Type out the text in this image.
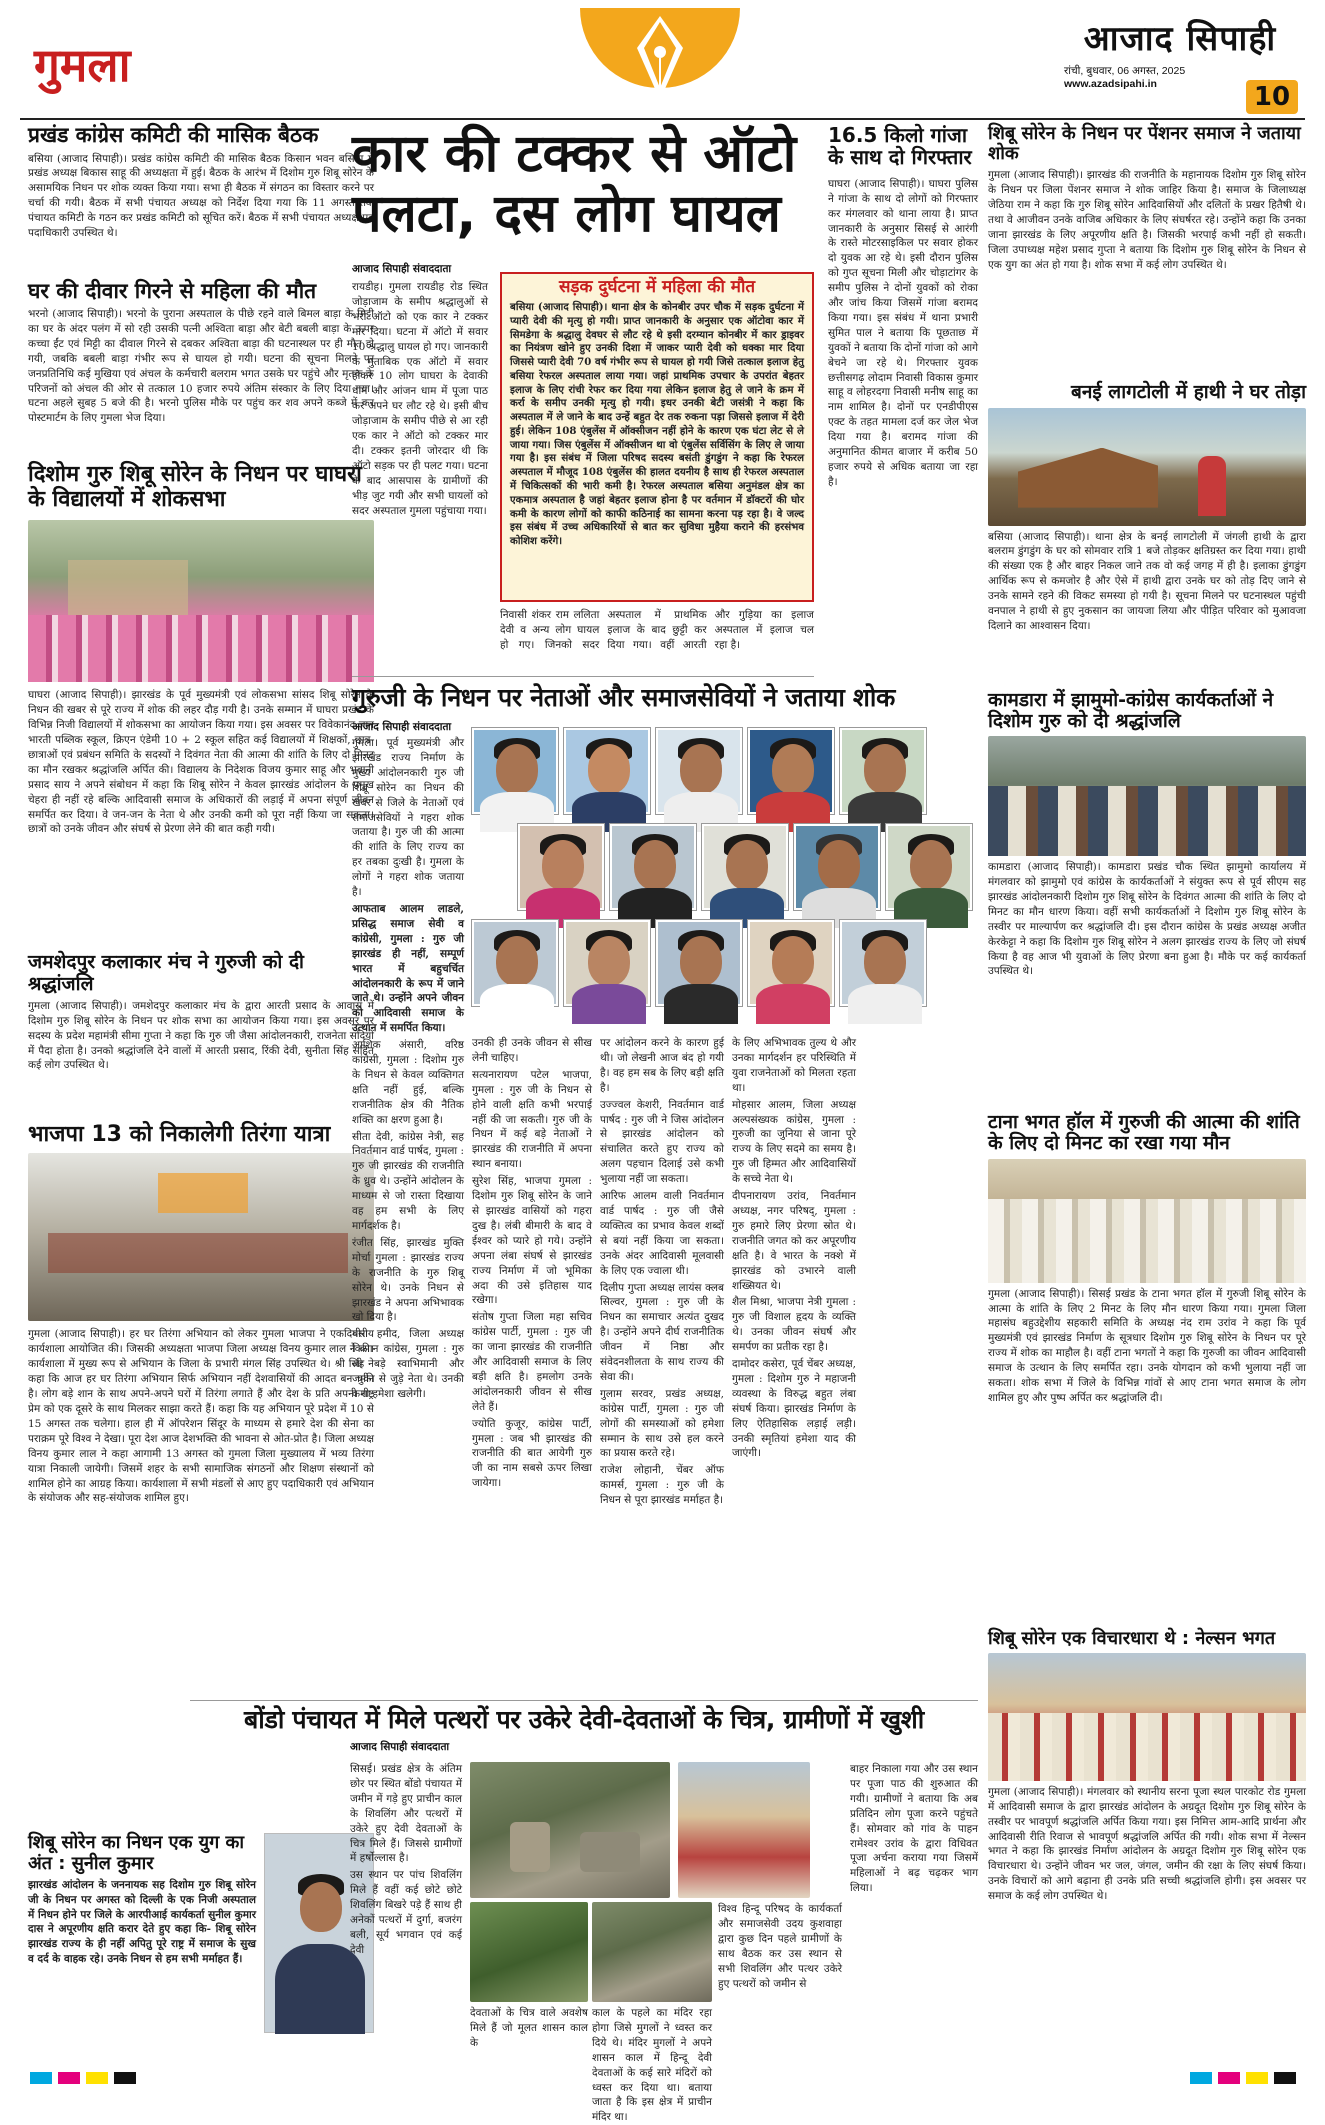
गुमला	आजाद सिपाही
रांची, बुधवार, 06 अगस्त, 2025
www.azadsipahi.in	10
प्रखंड कांग्रेस कमिटी की मासिक बैठक
बसिया (आजाद सिपाही)। प्रखंड कांग्रेस कमिटी की मासिक बैठक किसान भवन बसिया में प्रखंड अध्यक्ष बिकास साहू की अध्यक्षता में हुई। बैठक के आरंभ में दिशोम गुरु शिबू सोरेन के असामयिक निधन पर शोक व्यक्त किया गया। सभा ही बैठक में संगठन का विस्तार करने पर चर्चा की गयी। बैठक में सभी पंचायत अध्यक्ष को निर्देश दिया गया कि 11 अगस्त तक पंचायत कमिटी के गठन कर प्रखंड कमिटी को सूचित करें। बैठक में सभी पंचायत अध्यक्ष एवं पदाधिकारी उपस्थित थे।
घर की दीवार गिरने से महिला की मौत
भरनो (आजाद सिपाही)। भरनो के पुराना अस्पताल के पीछे रहने वाले बिमल बाड़ा के मिट्टी का घर के अंदर पलंग में सो रही उसकी पत्नी अश्विता बाड़ा और बेटी बबली बाड़ा के ऊपर कच्चा ईंट एवं मिट्टी का दीवाल गिरने से दबकर अश्विता बाड़ा की घटनास्थल पर ही मौत हो गयी, जबकि बबली बाड़ा गंभीर रूप से घायल हो गयी। घटना की सूचना मिलने पर जनप्रतिनिधि कई मुखिया एवं अंचल के कर्मचारी बलराम भगत उसके घर पहुंचे और मृतक के परिजनों को अंचल की ओर से तत्काल 10 हजार रुपये अंतिम संस्कार के लिए दिया गया। घटना अहले सुबह 5 बजे की है। भरनो पुलिस मौके पर पहुंच कर शव अपने कब्जे में कर पोस्टमार्टम के लिए गुमला भेज दिया।
दिशोम गुरु शिबू सोरेन के निधन पर घाघरा के विद्यालयों में शोकसभा
घाघरा (आजाद सिपाही)। झारखंड के पूर्व मुख्यमंत्री एवं लोकसभा सांसद शिबू सोरेन के निधन की खबर से पूरे राज्य में शोक की लहर दौड़ गयी है। उनके सम्मान में घाघरा प्रखंड के विभिन्न निजी विद्यालयों में शोकसभा का आयोजन किया गया। इस अवसर पर विवेकानंद ज्ञान भारती पब्लिक स्कूल, क्रिएन एंडेमी 10 + 2 स्कूल सहित कई विद्यालयों में शिक्षकों, छात्र-छात्राओं एवं प्रबंधन समिति के सदस्यों ने दिवंगत नेता की आत्मा की शांति के लिए दो मिनट का मौन रखकर श्रद्धांजलि अर्पित की। विद्यालय के निदेशक विजय कुमार साहू और भवानी प्रसाद साय ने अपने संबोधन में कहा कि शिबू सोरेन ने केवल झारखंड आंदोलन के प्रमुख चेहरा ही नहीं रहे बल्कि आदिवासी समाज के अधिकारों की लड़ाई में अपना संपूर्ण जीवन समर्पित कर दिया। वे जन-जन के नेता थे और उनकी कमी को पूरा नहीं किया जा सकता। छात्रों को उनके जीवन और संघर्ष से प्रेरणा लेने की बात कही गयी।
जमशेदपुर कलाकार मंच ने गुरुजी को दी श्रद्धांजलि
गुमला (आजाद सिपाही)। जमशेदपुर कलाकार मंच के द्वारा आरती प्रसाद के आवास में दिशोम गुरु शिबू सोरेन के निधन पर शोक सभा का आयोजन किया गया। इस अवसर पर सदस्य के प्रदेश महामंत्री सीमा गुप्ता ने कहा कि गुरु जी जैसा आंदोलनकारी, राजनेता सदियों में पैदा होता है। उनको श्रद्धांजलि देने वालों में आरती प्रसाद, रिंकी देवी, सुनीता सिंह सहित कई लोग उपस्थित थे।
भाजपा 13 को निकालेगी तिरंगा यात्रा
गुमला (आजाद सिपाही)। हर घर तिरंगा अभियान को लेकर गुमला भाजपा ने एकदिवसीय कार्यशाला आयोजित की। जिसकी अध्यक्षता भाजपा जिला अध्यक्ष विनय कुमार लाल ने की। कार्यशाला में मुख्य रूप से अभियान के जिला के प्रभारी मंगल सिंह उपस्थित थे। श्री सिंह ने कहा कि आज हर घर तिरंगा अभियान सिर्फ अभियान नहीं देशवासियों की आदत बन चुकी है। लोग बड़े शान के साथ अपने-अपने घरों में तिरंगा लगाते हैं और देश के प्रति अपनी राष्ट्र प्रेम को एक दूसरे के साथ मिलकर साझा करते हैं। कहा कि यह अभियान पूरे प्रदेश में 10 से 15 अगस्त तक चलेगा। हाल ही में ऑपरेशन सिंदूर के माध्यम से हमारे देश की सेना का पराक्रम पूरे विश्व ने देखा। पूरा देश आज देशभक्ति की भावना से ओत-प्रोत है। जिला अध्यक्ष विनय कुमार लाल ने कहा आगामी 13 अगस्त को गुमला जिला मुख्यालय में भव्य तिरंगा यात्रा निकाली जायेगी। जिसमें शहर के सभी सामाजिक संगठनों और शिक्षण संस्थानों को शामिल होने का आग्रह किया। कार्यशाला में सभी मंडलों से आए हुए पदाधिकारी एवं अभियान के संयोजक और सह-संयोजक शामिल हुए।
शिबू सोरेन का निधन एक युग का अंत : सुनील कुमार
झारखंड आंदोलन के जननायक सह दिशोम गुरु शिबू सोरेन जी के निधन पर अगस्त को दिल्ली के एक निजी अस्पताल में निधन होने पर जिले के आरपीआई कार्यकर्ता सुनील कुमार दास ने अपूरणीय क्षति करार देते हुए कहा कि- शिबू सोरेन झारखंड राज्य के ही नहीं अपितु पूरे राष्ट्र में समाज के सुख व दर्द के वाहक रहे। उनके निधन से हम सभी मर्माहत हैं।
कार की टक्कर से ऑटो
पलटा, दस लोग घायल
आजाद सिपाही संवाददाता
रायडीह। गुमला रायडीह रोड स्थित जोड़ाजाम के समीप श्रद्धालुओं से भरी ऑटो को एक कार ने टक्कर मार दिया। घटना में ऑटो में सवार 10 श्रद्धालु घायल हो गए। जानकारी के मुताबिक एक ऑटो में सवार होकर 10 लोग घाघरा के देवाकी धाम और आंजन धाम में पूजा पाठ कर अपने घर लौट रहे थे। इसी बीच जोड़ाजाम के समीप पीछे से आ रही एक कार ने ऑटो को टक्कर मार दी। टक्कर इतनी जोरदार थी कि ऑटो सड़क पर ही पलट गया। घटना के बाद आसपास के ग्रामीणों की भीड़ जुट गयी और सभी घायलों को सदर अस्पताल गुमला पहुंचाया गया।
सड़क दुर्घटना में महिला की मौत
बसिया (आजाद सिपाही)। थाना क्षेत्र के कोनबीर उपर चौक में सड़क दुर्घटना में प्यारी देवी की मृत्यु हो गयी। प्राप्त जानकारी के अनुसार एक ऑटोवा कार में सिमडेगा के श्रद्धालु देवघर से लौट रहे थे इसी दरम्यान कोनबीर में कार ड्राइवर का नियंत्रण खोने हुए उनकी दिशा में जाकर प्यारी देवी को धक्का मार दिया जिससे प्यारी देवी 70 वर्ष गंभीर रूप से घायल हो गयी जिसे तत्काल इलाज हेतु बसिया रेफरल अस्पताल लाया गया। जहां प्राथमिक उपचार के उपरांत बेहतर इलाज के लिए रांची रेफर कर दिया गया लेकिन इलाज हेतु ले जाने के क्रम में कर्रा के समीप उनकी मृत्यु हो गयी। इधर उनकी बेटी जसंत्री ने कहा कि अस्पताल में ले जाने के बाद उन्हें बहुत देर तक रुकना पड़ा जिससे इलाज में देरी हुई। लेकिन 108 एंबुलेंस में ऑक्सीजन नहीं होने के कारण एक घंटा लेट से ले जाया गया। जिस एंबुलेंस में ऑक्सीजन था वो एंबुलेंस सर्विसिंग के लिए ले जाया गया है। इस संबंध में जिला परिषद सदस्य बसंती डुंगडुंग ने कहा कि रेफरल अस्पताल में मौजूद 108 एंबुलेंस की हालत दयनीय है साथ ही रेफरल अस्पताल में चिकित्सकों की भारी कमी है। रेफरल अस्पताल बसिया अनुमंडल क्षेत्र का एकमात्र अस्पताल है जहां बेहतर इलाज होना है पर वर्तमान में डॉक्टरों की घोर कमी के कारण लोगों को काफी कठिनाई का सामना करना पड़ रहा है। वे जल्द इस संबंध में उच्च अधिकारियों से बात कर सुविधा मुहैया कराने की हरसंभव कोशिश करेंगे।
निवासी शंकर राम ललिता देवी व अन्य लोग घायल हो गए। जिनको सदर अस्पताल में प्राथमिक इलाज के बाद छुट्टी कर दिया गया। वहीं आरती और गुड़िया का इलाज अस्पताल में इलाज चल रहा है।
16.5 किलो गांजा के साथ दो गिरफ्तार
घाघरा (आजाद सिपाही)। घाघरा पुलिस ने गांजा के साथ दो लोगों को गिरफ्तार कर मंगलवार को थाना लाया है। प्राप्त जानकारी के अनुसार सिसई से आरंगी के रास्ते मोटरसाइकिल पर सवार होकर दो युवक आ रहे थे। इसी दौरान पुलिस को गुप्त सूचना मिली और चोड़ाटांगर के समीप पुलिस ने दोनों युवकों को रोका और जांच किया जिसमें गांजा बरामद किया गया। इस संबंध में थाना प्रभारी सुमित पाल ने बताया कि पूछताछ में युवकों ने बताया कि दोनों गांजा को आगे बेचने जा रहे थे। गिरफ्तार युवक छत्तीसगढ़ लोदाम निवासी विकास कुमार साहू व लोहरदगा निवासी मनीष साहू का नाम शामिल है। दोनों पर एनडीपीएस एक्ट के तहत मामला दर्ज कर जेल भेज दिया गया है। बरामद गांजा की अनुमानित कीमत बाजार में करीब 50 हजार रुपये से अधिक बताया जा रहा है।
शिबू सोरेन के निधन पर पेंशनर समाज ने जताया शोक
गुमला (आजाद सिपाही)। झारखंड की राजनीति के महानायक दिशोम गुरु शिबू सोरेन के निधन पर जिला पेंशनर समाज ने शोक जाहिर किया है। समाज के जिलाध्यक्ष जेठिया राम ने कहा कि गुरु शिबू सोरेन आदिवासियों और दलितों के प्रखर हितैषी थे। तथा वे आजीवन उनके वाजिब अधिकार के लिए संघर्षरत रहे। उन्होंने कहा कि उनका जाना झारखंड के लिए अपूरणीय क्षति है। जिसकी भरपाई कभी नहीं हो सकती। जिला उपाध्यक्ष महेश प्रसाद गुप्ता ने बताया कि दिशोम गुरु शिबू सोरेन के निधन से एक युग का अंत हो गया है। शोक सभा में कई लोग उपस्थित थे।
बनई लागटोली में हाथी ने घर तोड़ा
बसिया (आजाद सिपाही)। थाना क्षेत्र के बनई लागटोली में जंगली हाथी के द्वारा बलराम डुंगडुंग के घर को सोमवार रात्रि 1 बजे तोड़कर क्षतिग्रस्त कर दिया गया। हाथी की संख्या एक है और बाहर निकल जाने तक वो कई जगह में ही है। इलाका डुंगडुंग आर्थिक रूप से कमजोर है और ऐसे में हाथी द्वारा उनके घर को तोड़ दिए जाने से उनके सामने रहने की विकट समस्या हो गयी है। सूचना मिलने पर घटनास्थल पहुंची वनपाल ने हाथी से हुए नुकसान का जायजा लिया और पीड़ित परिवार को मुआवजा दिलाने का आश्वासन दिया।
कामडारा में झामुमो-कांग्रेस कार्यकर्ताओं ने दिशोम गुरु को दी श्रद्धांजलि
कामडारा (आजाद सिपाही)। कामडारा प्रखंड चौक स्थित झामुमो कार्यालय में मंगलवार को झामुमो एवं कांग्रेस के कार्यकर्ताओं ने संयुक्त रूप से पूर्व सीएम सह झारखंड आंदोलनकारी दिशोम गुरु शिबू सोरेन के दिवंगत आत्मा की शांति के लिए दो मिनट का मौन धारण किया। वहीं सभी कार्यकर्ताओं ने दिशोम गुरु शिबू सोरेन के तस्वीर पर माल्यार्पण कर श्रद्धांजलि दी। इस दौरान कांग्रेस के प्रखंड अध्यक्ष अजीत केरकेट्टा ने कहा कि दिशोम गुरु शिबू सोरेन ने अलग झारखंड राज्य के लिए जो संघर्ष किया है वह आज भी युवाओं के लिए प्रेरणा बना हुआ है। मौके पर कई कार्यकर्ता उपस्थित थे।
टाना भगत हॉल में गुरुजी की आत्मा की शांति के लिए दो मिनट का रखा गया मौन
गुमला (आजाद सिपाही)। सिसई प्रखंड के टाना भगत हॉल में गुरुजी शिबू सोरेन के आत्मा के शांति के लिए 2 मिनट के लिए मौन धारण किया गया। गुमला जिला महासंघ बहुउद्देशीय सहकारी समिति के अध्यक्ष नंद राम उरांव ने कहा कि पूर्व मुख्यमंत्री एवं झारखंड निर्माण के सूत्रधार दिशोम गुरु शिबू सोरेन के निधन पर पूरे राज्य में शोक का माहौल है। वहीं टाना भगतों ने कहा कि गुरुजी का जीवन आदिवासी समाज के उत्थान के लिए समर्पित रहा। उनके योगदान को कभी भुलाया नहीं जा सकता। शोक सभा में जिले के विभिन्न गांवों से आए टाना भगत समाज के लोग शामिल हुए और पुष्प अर्पित कर श्रद्धांजलि दी।
शिबू सोरेन एक विचारधारा थे : नेल्सन भगत
गुमला (आजाद सिपाही)। मंगलवार को स्थानीय सरना पूजा स्थल पारकोट रोड गुमला में आदिवासी समाज के द्वारा झारखंड आंदोलन के अग्रदूत दिशोम गुरु शिबू सोरेन के तस्वीर पर भावपूर्ण श्रद्धांजलि अर्पित किया गया। इस निमित्त आम-आदि प्रार्थना और आदिवासी रीति रिवाज से भावपूर्ण श्रद्धांजलि अर्पित की गयी। शोक सभा में नेल्सन भगत ने कहा कि झारखंड निर्माण आंदोलन के अग्रदूत दिशोम गुरु शिबू सोरेन एक विचारधारा थे। उन्होंने जीवन भर जल, जंगल, जमीन की रक्षा के लिए संघर्ष किया। उनके विचारों को आगे बढ़ाना ही उनके प्रति सच्ची श्रद्धांजलि होगी। इस अवसर पर समाज के कई लोग उपस्थित थे।
गुरुजी के निधन पर नेताओं और समाजसेवियों ने जताया शोक
आजाद सिपाही संवाददाता

गुमला। पूर्व मुख्यमंत्री और झारखंड राज्य निर्माण के मुख्य आंदोलनकारी गुरु जी शिबू सोरेन का निधन की खबर से जिले के नेताओं एवं समाजसेवियों ने गहरा शोक जताया है। गुरु जी की आत्मा की शांति के लिए राज्य का हर तबका दुःखी है। गुमला के लोगों ने गहरा शोक जताया है।

आफताब आलम लाडले, प्रसिद्ध समाज सेवी व कांग्रेसी, गुमला : गुरु जी झारखंड ही नहीं, सम्पूर्ण भारत में बहुचर्चित आंदोलनकारी के रूप में जाने जाते थे। उन्होंने अपने जीवन को आदिवासी समाज के उत्थान में समर्पित किया।

आशिक अंसारी, वरिष्ठ कांग्रेसी, गुमला : दिशोम गुरु के निधन से केवल व्यक्तिगत क्षति नहीं हुई, बल्कि राजनीतिक क्षेत्र की नैतिक शक्ति का क्षरण हुआ है।

सीता देवी, कांग्रेस नेत्री, सह निवर्तमान वार्ड पार्षद, गुमला : गुरु जी झारखंड की राजनीति के ध्रुव थे। उन्होंने आंदोलन के माध्यम से जो रास्ता दिखाया वह हम सभी के लिए मार्गदर्शक है।

रंजीत सिंह, झारखंड मुक्ति मोर्चा गुमला : झारखंड राज्य के राजनीति के गुरु शिबू सोरेन थे। उनके निधन से झारखंड ने अपना अभिभावक खो दिया है।

मीरा हमीद, जिला अध्यक्ष किसान कांग्रेस, गुमला : गुरु जी बड़े स्वाभिमानी और जमीन से जुड़े नेता थे। उनकी कमी हमेशा खलेगी।

उनकी ही उनके जीवन से सीख लेनी चाहिए।

सत्यनारायण पटेल भाजपा, गुमला : गुरु जी के निधन से होने वाली क्षति कभी भरपाई नहीं की जा सकती। गुरु जी के निधन में कई बड़े नेताओं ने झारखंड की राजनीति में अपना स्थान बनाया।

सुरेश सिंह, भाजपा गुमला : दिशोम गुरु शिबू सोरेन के जाने से झारखंड वासियों को गहरा दुख है। लंबी बीमारी के बाद वे ईश्वर को प्यारे हो गये। उन्होंने अपना लंबा संघर्ष से झारखंड राज्य निर्माण में जो भूमिका अदा की उसे इतिहास याद रखेगा।

संतोष गुप्ता जिला महा सचिव कांग्रेस पार्टी, गुमला : गुरु जी का जाना झारखंड की राजनीति और आदिवासी समाज के लिए बड़ी क्षति है। हमलोग उनके आंदोलनकारी जीवन से सीख लेते हैं।

ज्योति कुजूर, कांग्रेस पार्टी, गुमला : जब भी झारखंड की राजनीति की बात आयेगी गुरु जी का नाम सबसे ऊपर लिखा जायेगा।

पर आंदोलन करने के कारण हुई थी। जो लेखनी आज बंद हो गयी है। वह हम सब के लिए बड़ी क्षति है।

उज्ज्वल केशरी, निवर्तमान वार्ड पार्षद : गुरु जी ने जिस आंदोलन से झारखंड आंदोलन को संचालित करते हुए राज्य को अलग पहचान दिलाई उसे कभी भुलाया नहीं जा सकता।

आरिफ आलम वाली निवर्तमान वार्ड पार्षद : गुरु जी जैसे व्यक्तित्व का प्रभाव केवल शब्दों से बयां नहीं किया जा सकता। उनके अंदर आदिवासी मूलवासी के लिए एक ज्वाला थी।

दिलीप गुप्ता अध्यक्ष लायंस क्लब सिल्वर, गुमला : गुरु जी के निधन का समाचार अत्यंत दुखद है। उन्होंने अपने दीर्घ राजनीतिक जीवन में निष्ठा और संवेदनशीलता के साथ राज्य की सेवा की।

गुलाम सरवर, प्रखंड अध्यक्ष, कांग्रेस पार्टी, गुमला : गुरु जी लोगों की समस्याओं को हमेशा सम्मान के साथ उसे हल करने का प्रयास करते रहे।

राजेश लोहानी, चेंबर ऑफ कामर्स, गुमला : गुरु जी के निधन से पूरा झारखंड मर्माहत है।

के लिए अभिभावक तुल्य थे और उनका मार्गदर्शन हर परिस्थिति में युवा राजनेताओं को मिलता रहता था।

मोहसार आलम, जिला अध्यक्ष अल्पसंख्यक कांग्रेस, गुमला : गुरुजी का जुनिया से जाना पूरे राज्य के लिए सदमे का समय है। गुरु जी हिम्मत और आदिवासियों के सच्चे नेता थे।

दीपनारायण उरांव, निवर्तमान अध्यक्ष, नगर परिषद्, गुमला : गुरु हमारे लिए प्रेरणा स्रोत थे। राजनीति जगत को कर अपूरणीय क्षति है। वे भारत के नक्शे में झारखंड को उभारने वाली शख्सियत थे।

शैल मिश्रा, भाजपा नेत्री गुमला : गुरु जी विशाल हृदय के व्यक्ति थे। उनका जीवन संघर्ष और समर्पण का प्रतीक रहा है।

दामोदर कसेरा, पूर्व चेंबर अध्यक्ष, गुमला : दिशोम गुरु ने महाजनी व्यवस्था के विरुद्ध बहुत लंबा संघर्ष किया। झारखंड निर्माण के लिए ऐतिहासिक लड़ाई लड़ी। उनकी स्मृतियां हमेशा याद की जाएंगी।

बोंडो पंचायत में मिले पत्थरों पर उकेरे देवी-देवताओं के चित्र, ग्रामीणों में खुशी
आजाद सिपाही संवाददाता

सिसई। प्रखंड क्षेत्र के अंतिम छोर पर स्थित बोंडो पंचायत में जमीन में गड़े हुए प्राचीन काल के शिवलिंग और पत्थरों में उकेरे हुए देवी देवताओं के चित्र मिले हैं। जिससे ग्रामीणों में हर्षोल्लास है।

उस स्थान पर पांच शिवलिंग मिले हैं वहीं कई छोटे छोटे शिवलिंग बिखरे पड़े हैं साथ ही अनेकों पत्थरों में दुर्गा, बजरंग बली, सूर्य भगवान एवं कई देवी

देवताओं के चित्र वाले अवशेष मिले हैं जो मूलत शासन काल के

विश्व हिन्दू परिषद के कार्यकर्ता और समाजसेवी उदय कुशवाहा द्वारा कुछ दिन पहले ग्रामीणों के साथ बैठक कर उस स्थान से सभी शिवलिंग और पत्थर उकेरे हुए पत्थरों को जमीन से

बाहर निकाला गया और उस स्थान पर पूजा पाठ की शुरुआत की गयी। ग्रामीणों ने बताया कि अब प्रतिदिन लोग पूजा करने पहुंचते हैं। सोमवार को गांव के पाहन रामेश्वर उरांव के द्वारा विधिवत पूजा अर्चना कराया गया जिसमें महिलाओं ने बढ़ चढ़कर भाग लिया।

काल के पहले का मंदिर रहा होगा जिसे मुगलों ने ध्वस्त कर दिये थे। मंदिर मुगलों ने अपने शासन काल में हिन्दू देवी देवताओं के कई सारे मंदिरों को ध्वस्त कर दिया था। बताया जाता है कि इस क्षेत्र में प्राचीन मंदिर था।
